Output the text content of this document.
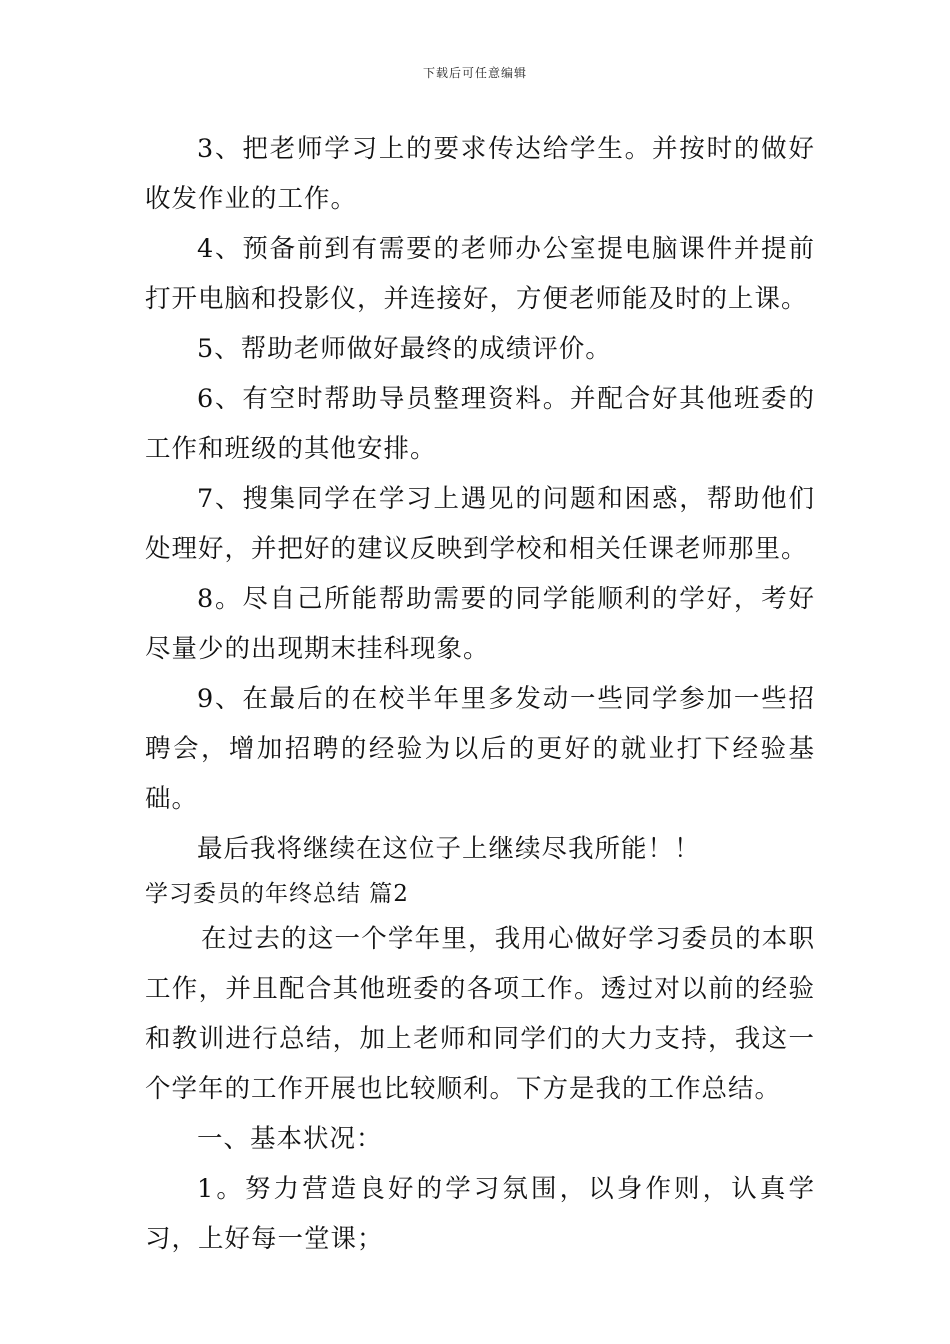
下载后可任意编辑

3、把老师学习上的要求传达给学生。并按时的做好收发作业的工作。

4、预备前到有需要的老师办公室提电脑课件并提前打开电脑和投影仪，并连接好，方便老师能及时的上课。

5、帮助老师做好最终的成绩评价。

6、有空时帮助导员整理资料。并配合好其他班委的工作和班级的其他安排。

7、搜集同学在学习上遇见的问题和困惑，帮助他们处理好，并把好的建议反映到学校和相关任课老师那里。

8。尽自己所能帮助需要的同学能顺利的学好，考好尽量少的出现期末挂科现象。

9、在最后的在校半年里多发动一些同学参加一些招聘会，增加招聘的经验为以后的更好的就业打下经验基础。

最后我将继续在这位子上继续尽我所能！！

学习委员的年终总结 篇2

在过去的这一个学年里，我用心做好学习委员的本职工作，并且配合其他班委的各项工作。透过对以前的经验和教训进行总结，加上老师和同学们的大力支持，我这一个学年的工作开展也比较顺利。下方是我的工作总结。

一、基本状况：

1。努力营造良好的学习氛围，以身作则，认真学习，上好每一堂课；
